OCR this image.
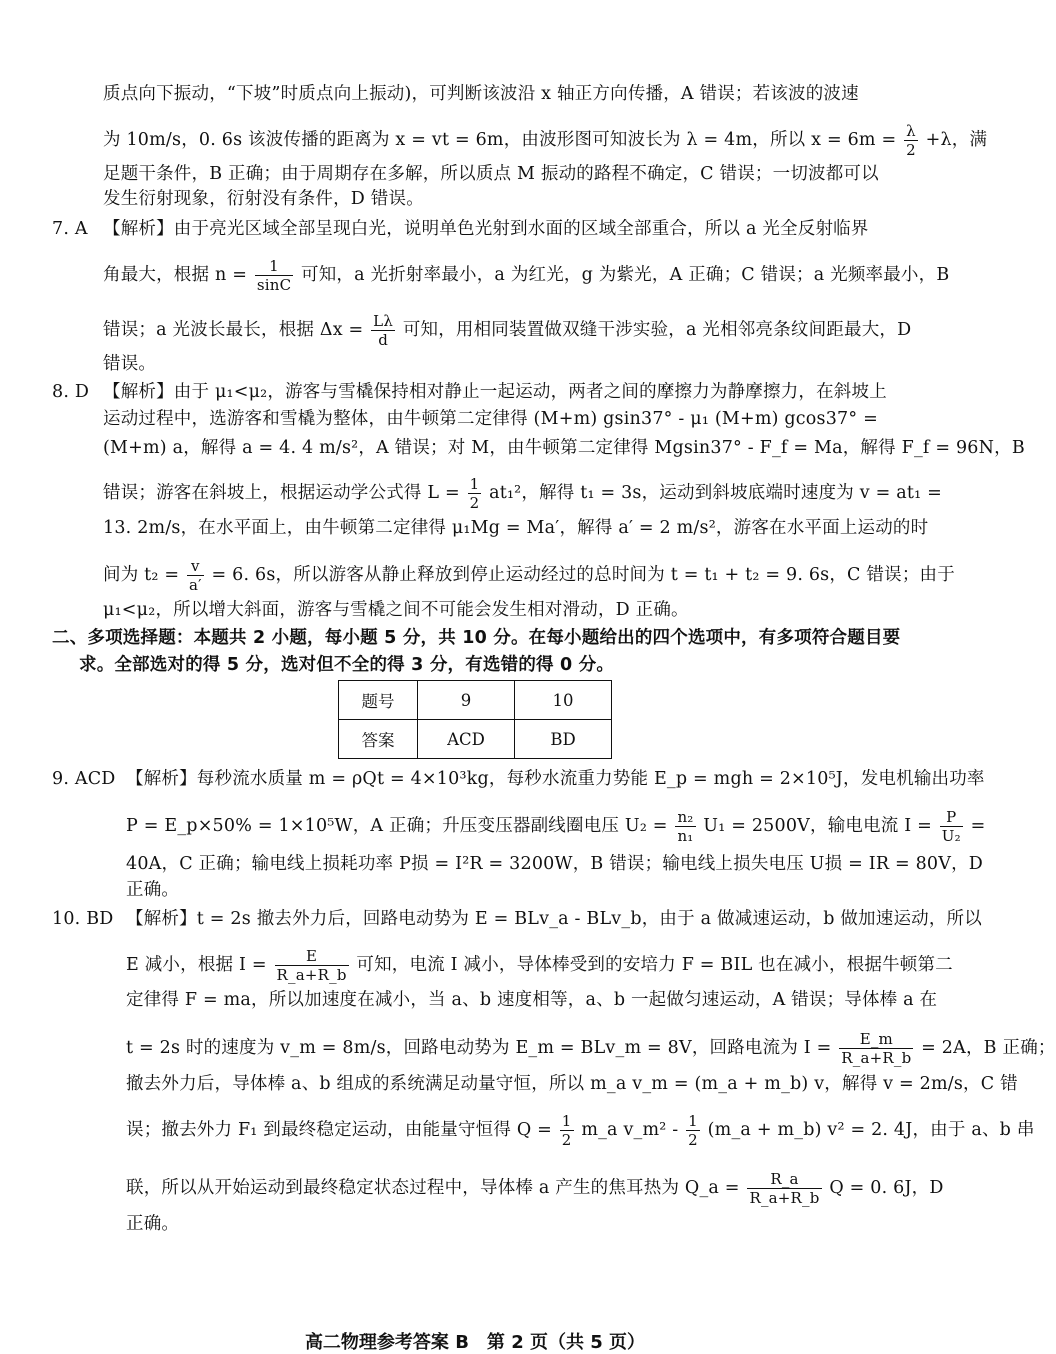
质点向下振动，“下坡”时质点向上振动)，可判断该波沿 x 轴正方向传播，A 错误；若该波的波速
为 10m/s，0. 6s 该波传播的距离为 x = vt = 6m，由波形图可知波长为 λ = 4m，所以 $x = 6m = \frac{\lambda}{2} +\lambda$，满
足题干条件，B 正确；由于周期存在多解，所以质点 M 振动的路程不确定，C 错误；一切波都可以
发生衍射现象，衍射没有条件，D 错误。
7. A 【解析】由于亮光区域全部呈现白光，说明单色光射到水面的区域全部重合，所以 a 光全反射临界
角最大，根据 $n = \frac{1}{\sin C}$ 可知，a 光折射率最小，a 为红光，g 为紫光，A 正确；C 错误；a 光频率最小，B
错误；a 光波长最长，根据 $\Delta x = \frac{L\lambda}{d}$ 可知，用相同装置做双缝干涉实验，a 光相邻亮条纹间距最大，D
错误。
8. D 【解析】由于 μ₁<μ₂，游客与雪橇保持相对静止一起运动，两者之间的摩擦力为静摩擦力，在斜坡上
运动过程中，选游客和雪橇为整体，由牛顿第二定律得 (M+m) gsin37° - μ₁ (M+m) gcos37° =
(M+m) a，解得 a = 4. 4 m/s²，A 错误；对 M，由牛顿第二定律得 Mgsin37° - F_f = Ma，解得 F_f = 96N，B
错误；游客在斜坡上，根据运动学公式得 $L = \frac{1}{2} at_1^2$，解得 t₁ = 3s，运动到斜坡底端时速度为 v = at₁ =
13. 2m/s，在水平面上，由牛顿第二定律得 μ₁Mg = Ma′，解得 a′ = 2 m/s²，游客在水平面上运动的时
间为 $t_2 = \frac{v}{a'} = 6$. 6s，所以游客从静止释放到停止运动经过的总时间为 t = t₁ + t₂ = 9. 6s，C 错误；由于
μ₁<μ₂，所以增大斜面，游客与雪橇之间不可能会发生相对滑动，D 正确。
二、多项选择题：本题共 2 小题，每小题 5 分，共 10 分。在每小题给出的四个选项中，有多项符合题目要
求。全部选对的得 5 分，选对但不全的得 3 分，有选错的得 0 分。
题号	9	10
答案	ACD	BD
9. ACD 【解析】每秒流水质量 m = ρQt = 4×10³kg，每秒水流重力势能 E_p = mgh = 2×10⁵J，发电机输出功率
P = E_p×50% = 1×10⁵W，A 正确；升压变压器副线圈电压 $U_2 = \frac{\text{n₂}}{\text{n₁}} U_1 = 2500V$，输电电流 $I = \frac{P}{\text{U₂}}$ =
40A，C 正确；输电线上损耗功率 P损 = I²R = 3200W，B 错误；输电线上损失电压 U损 = IR = 80V，D
正确。
10. BD 【解析】t = 2s 撤去外力后，回路电动势为 E = BLv_a - BLv_b，由于 a 做减速运动，b 做加速运动，所以
E 减小，根据 $I = \frac{E}{R\_a+R\_b}$ 可知，电流 I 减小，导体棒受到的安培力 F = BIL 也在减小，根据牛顿第二
定律得 F = ma，所以加速度在减小，当 a、b 速度相等，a、b 一起做匀速运动，A 错误；导体棒 a 在
t = 2s 时的速度为 v_m = 8m/s，回路电动势为 E_m = BLv_m = 8V，回路电流为 $I = \frac{E\_m}{R\_a+R\_b} = 2A$，B 正确；
撤去外力后，导体棒 a、b 组成的系统满足动量守恒，所以 m_a v_m = (m_a + m_b) v，解得 v = 2m/s，C 错
误；撤去外力 F₁ 到最终稳定运动，由能量守恒得 $Q = \frac{1}{2}$ m_a v_m² - $\frac{1}{2}$ (m_a + m_b) v² = 2. 4J，由于 a、b 串
联，所以从开始运动到最终稳定状态过程中，导体棒 a 产生的焦耳热为 Q_a = $\frac{R\_a}{R\_a+R\_b}$ Q = 0. 6J，D
正确。
高二物理参考答案 B　第 2 页（共 5 页）
